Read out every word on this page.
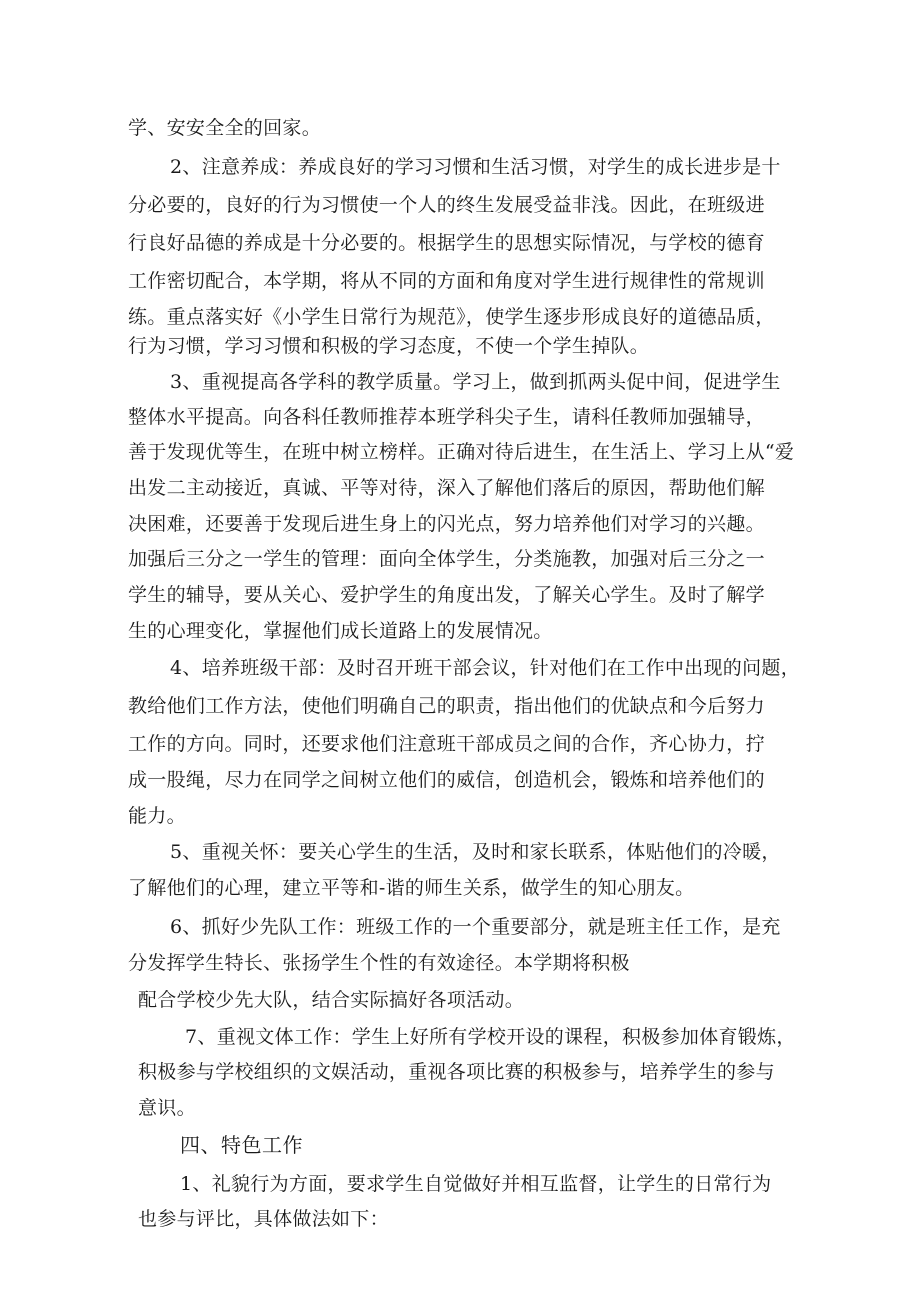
学、安安全全的回家。
2、注意养成：养成良好的学习习惯和生活习惯，对学生的成长进步是十
分必要的，良好的行为习惯使一个人的终生发展受益非浅。因此，在班级进
行良好品德的养成是十分必要的。根据学生的思想实际情况，与学校的德育
工作密切配合，本学期，将从不同的方面和角度对学生进行规律性的常规训
练。重点落实好《小学生日常行为规范》，使学生逐步形成良好的道德品质，
行为习惯，学习习惯和积极的学习态度，不使一个学生掉队。
3、重视提高各学科的教学质量。学习上，做到抓两头促中间，促进学生
整体水平提高。向各科任教师推荐本班学科尖子生，请科任教师加强辅导，
善于发现优等生，在班中树立榜样。正确对待后进生，在生活上、学习上从“爱
出发二主动接近，真诚、平等对待，深入了解他们落后的原因，帮助他们解
决困难，还要善于发现后进生身上的闪光点，努力培养他们对学习的兴趣。
加强后三分之一学生的管理：面向全体学生，分类施教，加强对后三分之一
学生的辅导，要从关心、爱护学生的角度出发，了解关心学生。及时了解学
生的心理变化，掌握他们成长道路上的发展情况。
4、培养班级干部：及时召开班干部会议，针对他们在工作中出现的问题，
教给他们工作方法，使他们明确自己的职责，指出他们的优缺点和今后努力
工作的方向。同时，还要求他们注意班干部成员之间的合作，齐心协力，拧
成一股绳，尽力在同学之间树立他们的威信，创造机会，锻炼和培养他们的
能力。
5、重视关怀：要关心学生的生活，及时和家长联系，体贴他们的冷暖，
了解他们的心理，建立平等和-谐的师生关系，做学生的知心朋友。
6、抓好少先队工作：班级工作的一个重要部分，就是班主任工作，是充
分发挥学生特长、张扬学生个性的有效途径。本学期将积极
配合学校少先大队，结合实际搞好各项活动。
7、重视文体工作：学生上好所有学校开设的课程，积极参加体育锻炼，
积极参与学校组织的文娱活动，重视各项比赛的积极参与，培养学生的参与
意识。
四、特色工作
1、礼貌行为方面，要求学生自觉做好并相互监督，让学生的日常行为
也参与评比，具体做法如下：
